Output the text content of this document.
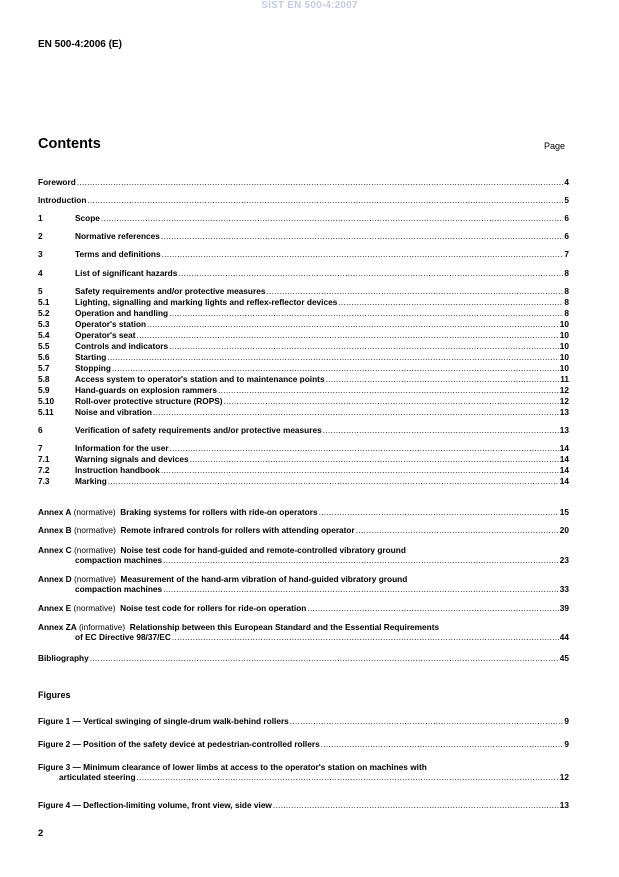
SIST EN 500-4:2007
EN 500-4:2006 (E)
Contents	Page
Foreword .....	4
Introduction .....	5
1	Scope .....	6
2	Normative references .....	6
3	Terms and definitions .....	7
4	List of significant hazards .....	8
5	Safety requirements and/or protective measures .....	8
5.1	Lighting, signalling and marking lights and reflex-reflector devices .....	8
5.2	Operation and handling .....	8
5.3	Operator's station .....	10
5.4	Operator's seat .....	10
5.5	Controls and indicators .....	10
5.6	Starting .....	10
5.7	Stopping .....	10
5.8	Access system to operator's station and to maintenance points .....	11
5.9	Hand-guards on explosion rammers .....	12
5.10	Roll-over protective structure (ROPS) .....	12
5.11	Noise and vibration .....	13
6	Verification of safety requirements and/or protective measures .....	13
7	Information for the user .....	14
7.1	Warning signals and devices .....	14
7.2	Instruction handbook .....	14
7.3	Marking .....	14
Annex A (normative) Braking systems for rollers with ride-on operators .....	15
Annex B (normative) Remote infrared controls for rollers with attending operator .....	20
Annex C (normative) Noise test code for hand-guided and remote-controlled vibratory ground
compaction machines .....	23
Annex D (normative) Measurement of the hand-arm vibration of hand-guided vibratory ground
compaction machines .....	33
Annex E (normative) Noise test code for rollers for ride-on operation .....	39
Annex ZA (informative) Relationship between this European Standard and the Essential Requirements
of EC Directive 98/37/EC .....	44
Bibliography .....	45
Figure 1 — Vertical swinging of single-drum walk-behind rollers .....	9
Figure 2 — Position of the safety device at pedestrian-controlled rollers .....	9
Figure 3 — Minimum clearance of lower limbs at access to the operator's station on machines with
articulated steering .....	12
Figure 4 — Deflection-limiting volume, front view, side view .....	13
Figures
2
